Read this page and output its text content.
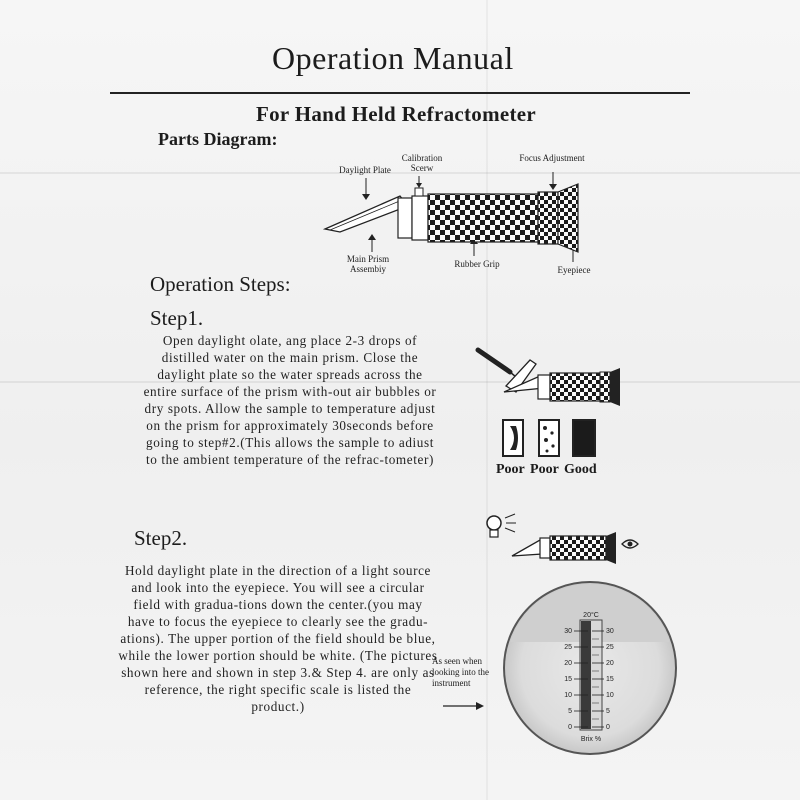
Operation Manual
For Hand Held Refractometer
Parts Diagram:
Daylight Plate
Calibration Scerw
Focus Adjustment
Main Prism Assembiy	Rubber Grip
Eyepiece
30
25
20
15
10
5
0
30
25
20
15
10
5
0
20°C
Brix %
Operation Steps:
Step1.
Open daylight olate, ang place 2-3 drops of distilled water on the main prism. Close the daylight plate so the water spreads across the entire surface of the prism with-out air bubbles or dry spots. Allow the sample to temperature adjust on the prism for approximately 30seconds before going to step#2.(This allows the sample to adiust to the ambient temperature of the refrac-tometer)
Poor Poor Good
Step2.
Hold daylight plate in the direction of a light source and look into the eyepiece. You will see a circular field with gradua-tions down the center.(you may have to focus the eyepiece to clearly see the gradu-ations). The upper portion of the field should be blue, while the lower portion should be white. (The pictures shown here and shown in step 3.& Step 4. are only as reference, the right specific scale is listed the product.)
As seen when looking into the instrument
